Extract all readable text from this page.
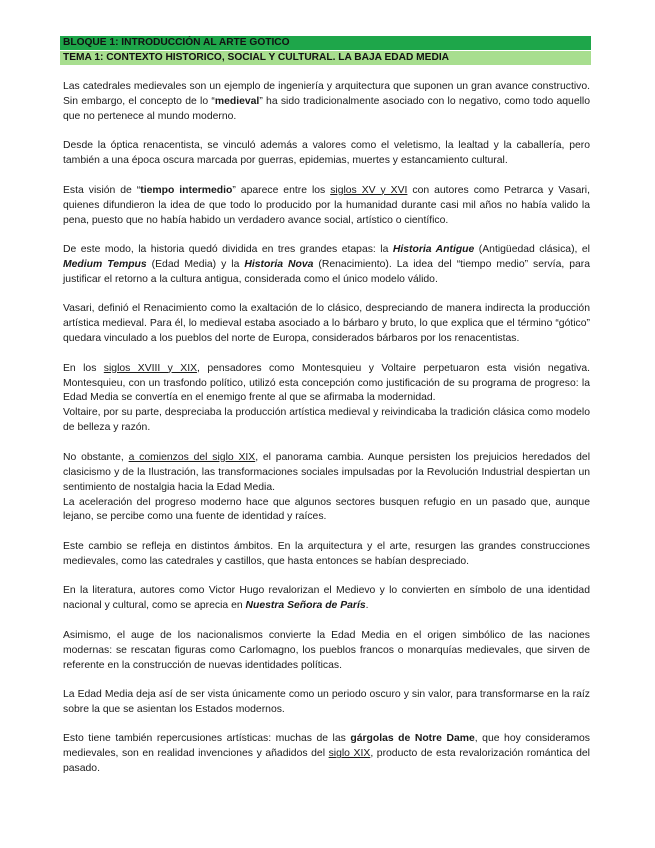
BLOQUE 1: INTRODUCCIÓN AL ARTE GOTICO
TEMA 1: CONTEXTO HISTORICO, SOCIAL Y CULTURAL. LA BAJA EDAD MEDIA

Las catedrales medievales son un ejemplo de ingeniería y arquitectura que suponen un gran avance constructivo. Sin embargo, el concepto de lo “medieval” ha sido tradicionalmente asociado con lo negativo, como todo aquello que no pertenece al mundo moderno.

Desde la óptica renacentista, se vinculó además a valores como el veletismo, la lealtad y la caballería, pero también a una época oscura marcada por guerras, epidemias, muertes y estancamiento cultural.

Esta visión de “tiempo intermedio” aparece entre los siglos XV y XVI con autores como Petrarca y Vasari, quienes difundieron la idea de que todo lo producido por la humanidad durante casi mil años no había valido la pena, puesto que no había habido un verdadero avance social, artístico o científico.

De este modo, la historia quedó dividida en tres grandes etapas: la Historia Antigue (Antigüedad clásica), el Medium Tempus (Edad Media) y la Historia Nova (Renacimiento). La idea del “tiempo medio” servía, para justificar el retorno a la cultura antigua, considerada como el único modelo válido.

Vasari, definió el Renacimiento como la exaltación de lo clásico, despreciando de manera indirecta la producción artística medieval. Para él, lo medieval estaba asociado a lo bárbaro y bruto, lo que explica que el término “gótico” quedara vinculado a los pueblos del norte de Europa, considerados bárbaros por los renacentistas.

En los siglos XVIII y XIX, pensadores como Montesquieu y Voltaire perpetuaron esta visión negativa. Montesquieu, con un trasfondo político, utilizó esta concepción como justificación de su programa de progreso: la Edad Media se convertía en el enemigo frente al que se afirmaba la modernidad.

Voltaire, por su parte, despreciaba la producción artística medieval y reivindicaba la tradición clásica como modelo de belleza y razón.

No obstante, a comienzos del siglo XIX, el panorama cambia. Aunque persisten los prejuicios heredados del clasicismo y de la Ilustración, las transformaciones sociales impulsadas por la Revolución Industrial despiertan un sentimiento de nostalgia hacia la Edad Media.

La aceleración del progreso moderno hace que algunos sectores busquen refugio en un pasado que, aunque lejano, se percibe como una fuente de identidad y raíces.

Este cambio se refleja en distintos ámbitos. En la arquitectura y el arte, resurgen las grandes construcciones medievales, como las catedrales y castillos, que hasta entonces se habían despreciado.

En la literatura, autores como Victor Hugo revalorizan el Medievo y lo convierten en símbolo de una identidad nacional y cultural, como se aprecia en Nuestra Señora de París.

Asimismo, el auge de los nacionalismos convierte la Edad Media en el origen simbólico de las naciones modernas: se rescatan figuras como Carlomagno, los pueblos francos o monarquías medievales, que sirven de referente en la construcción de nuevas identidades políticas.

La Edad Media deja así de ser vista únicamente como un periodo oscuro y sin valor, para transformarse en la raíz sobre la que se asientan los Estados modernos.

Esto tiene también repercusiones artísticas: muchas de las gárgolas de Notre Dame, que hoy consideramos medievales, son en realidad invenciones y añadidos del siglo XIX, producto de esta revalorización romántica del pasado.
